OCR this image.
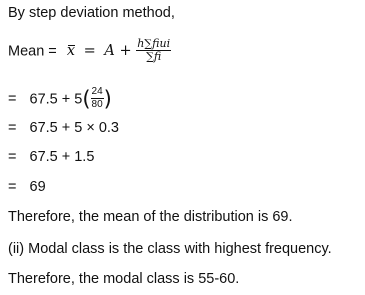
By step deviation method,
Mean = $x = A + \frac{\text{h∑fiui}}{\sum fi}$
= $67.5 + 5( \frac{24}{80}$ )
= 67.5 + 5 × 0.3
= 67.5 + 1.5
= 69
Therefore, the mean of the distribution is 69.
(ii) Modal class is the class with highest frequency.
Therefore, the modal class is 55-60.
